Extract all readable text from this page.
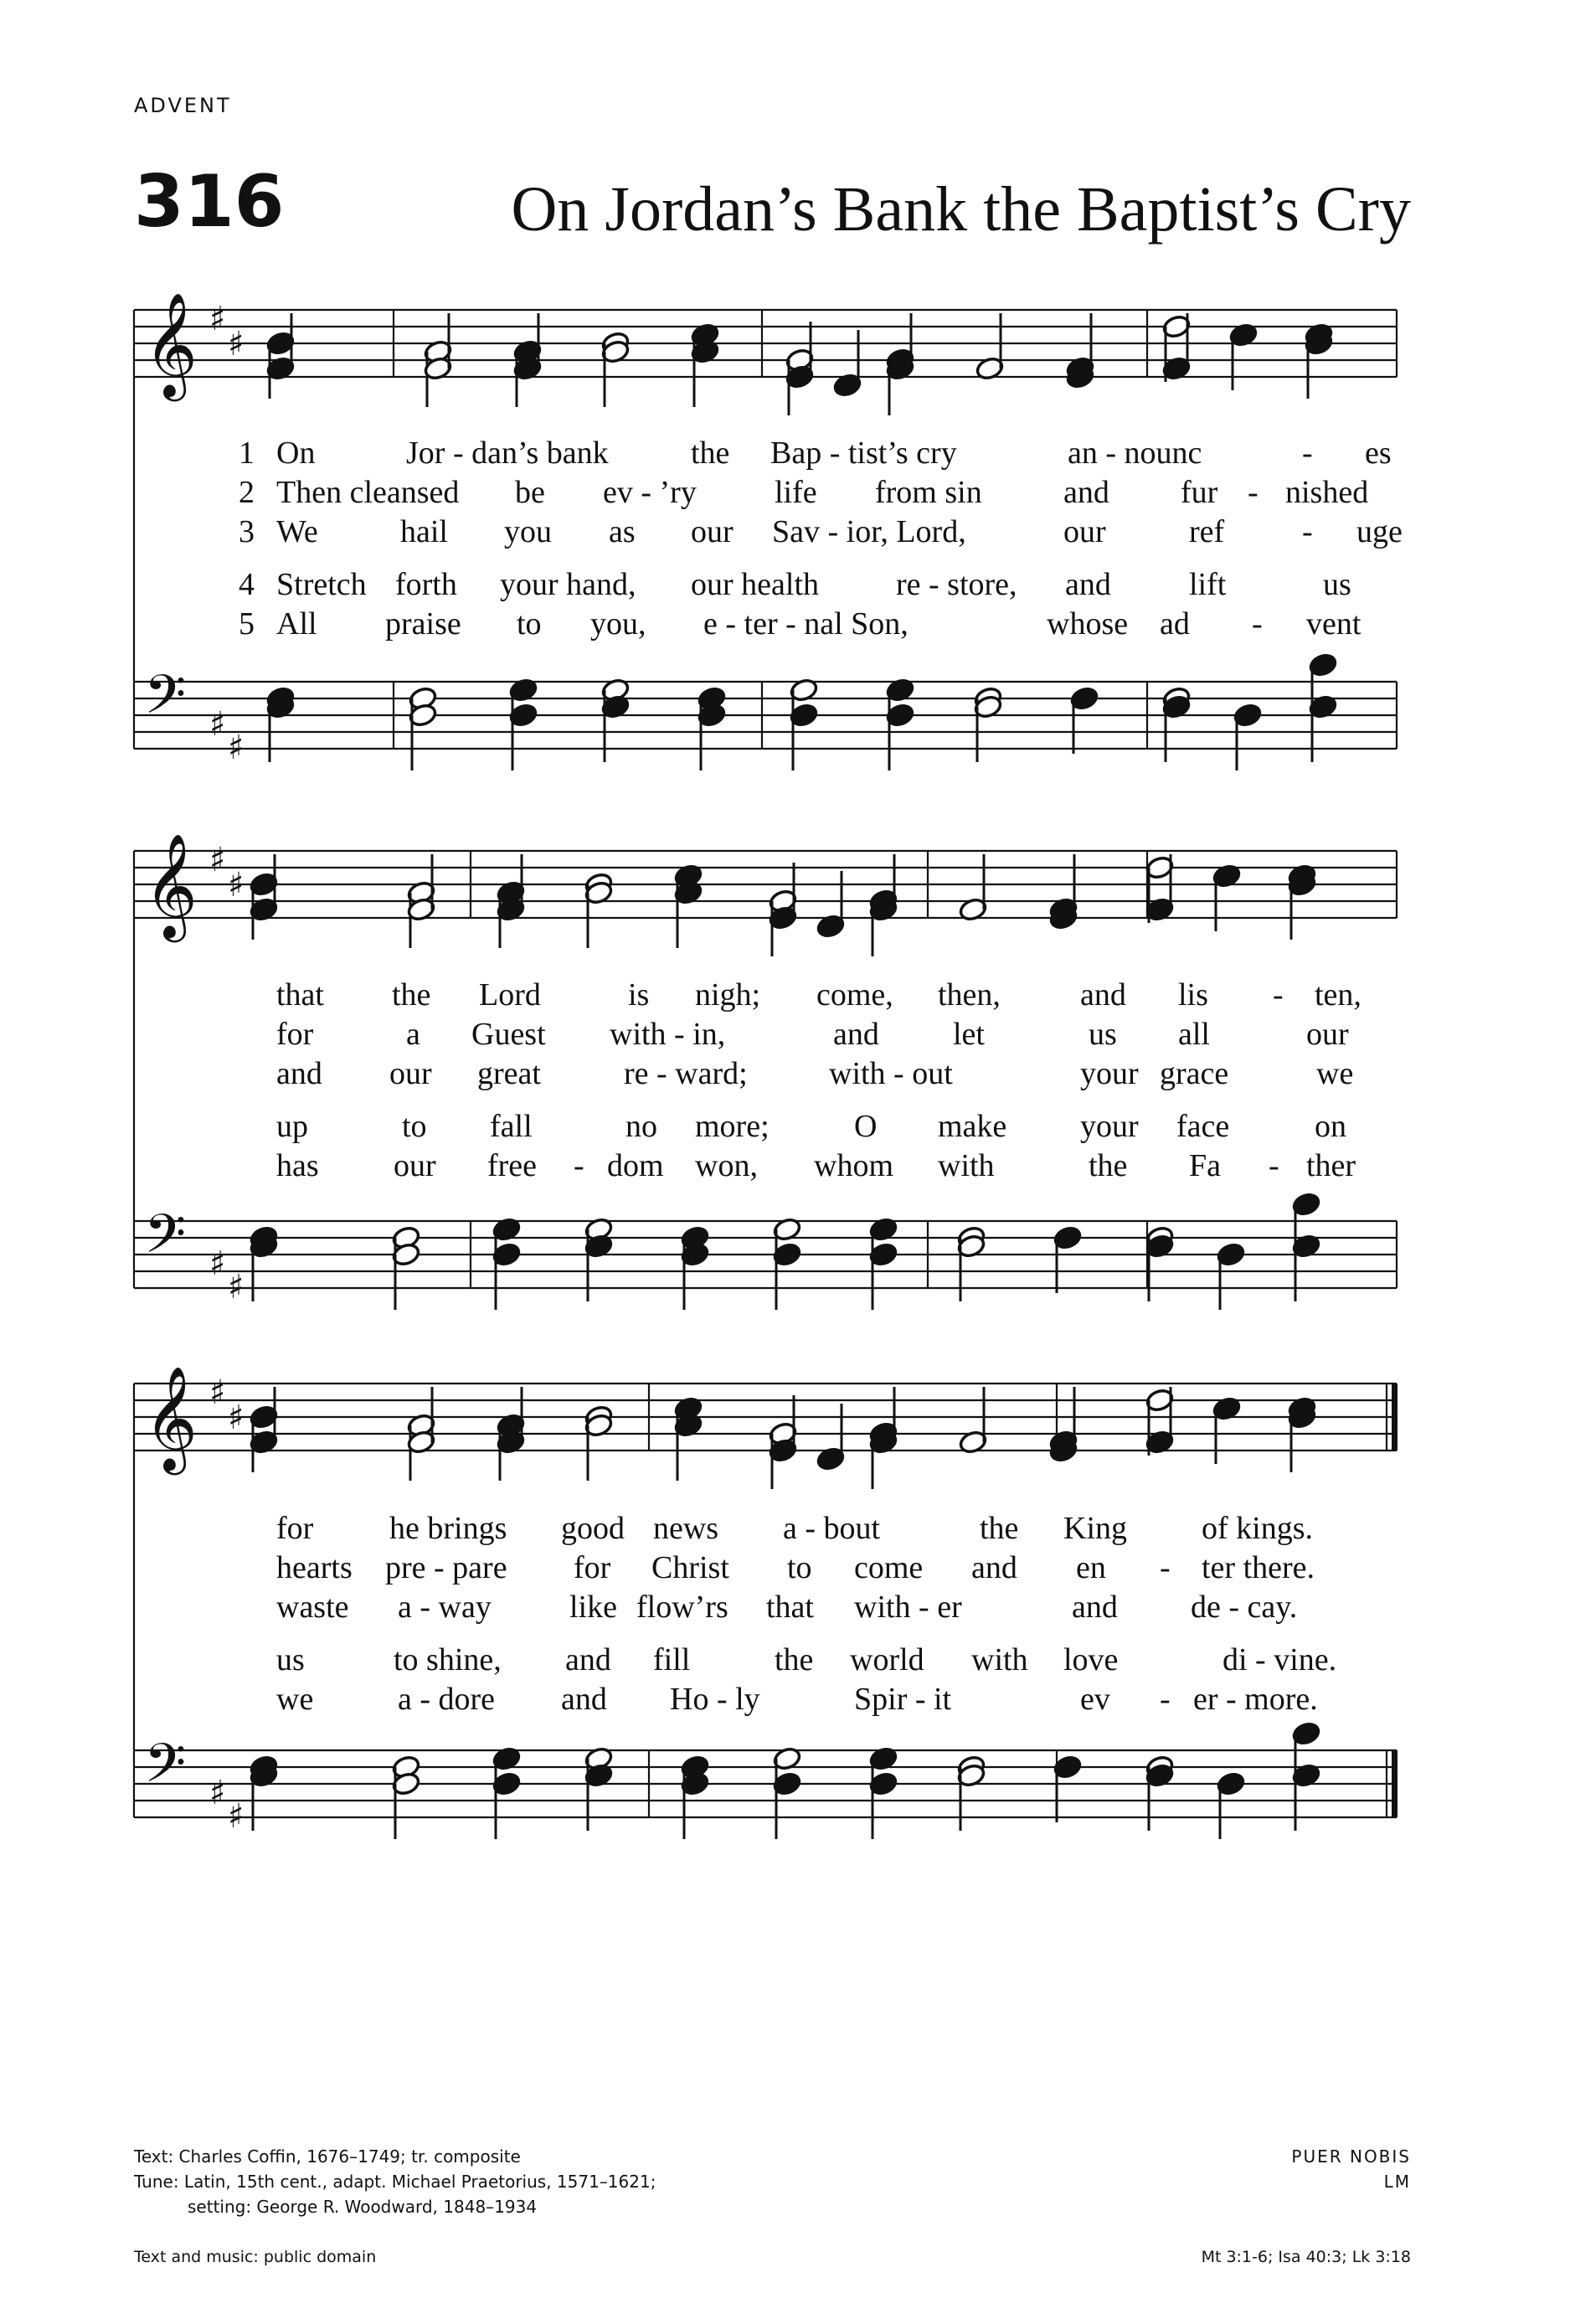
ADVENT
316	On Jordan’s Bank the Baptist’s Cry
𝄞 ♯
♯
𝄢 ♯
♯
𝄞 ♯
♯
𝄢 ♯
♯
𝄞 ♯
♯
𝄢 ♯
♯
1 On	Jor - dan’s bank	the Bap - tist’s cry	an - nounc	- es
2 Then cleansed be ev - ’ry life from sin	and fur - nished
3 We	hail you as our Sav - ior, Lord,	our	ref - uge
4 Stretch forth your hand, our health re - store, and lift	us
5 All praise to you, e - ter - nal Son,	whose ad - vent
that the Lord	is nigh; come, then,	and lis - ten,
for	a Guest with - in,	and let	us all	our
and our great	re - ward;	with - out	your grace	we
up	to fall	no more;	O make your face	on
has our free - dom won, whom with	the Fa - ther
for he brings good news a - bout	the King of kings.
hearts pre - pare for Christ to come and en - ter there.
waste a - way like flow’rs that with - er	and de - cay.
us	to shine, and fill	the world with love	di - vine.
we	a - dore and Ho - ly	Spir - it	ev - er - more.
Text: Charles Coffin, 1676–1749; tr. composite
Tune: Latin, 15th cent., adapt. Michael Praetorius, 1571–1621;
setting: George R. Woodward, 1848–1934
PUER NOBIS
LM
Text and music: public domain	Mt 3:1-6; Isa 40:3; Lk 3:18
